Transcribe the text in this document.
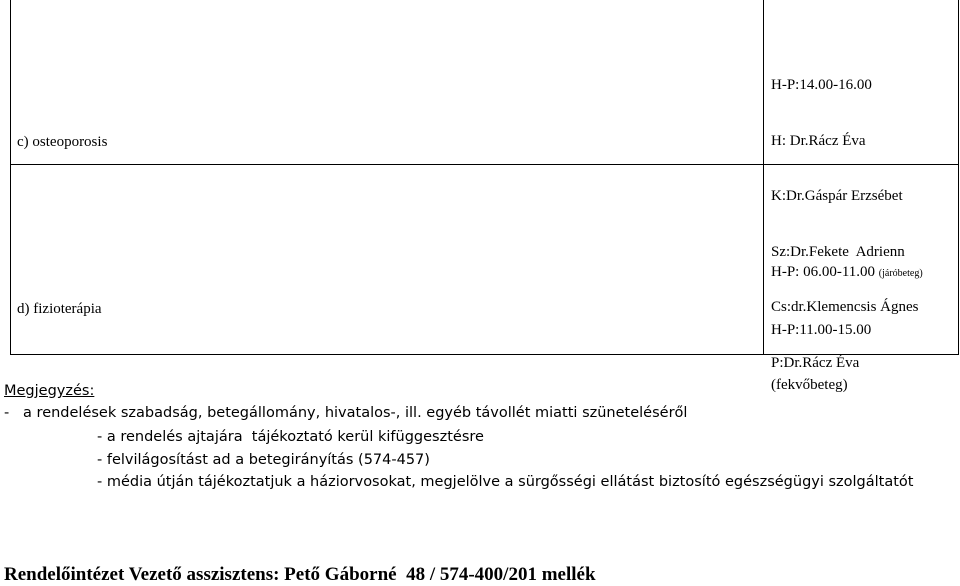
c) osteoporosis

H-P:14.00-16.00

H: Dr.Rácz Éva

K:Dr.Gáspár Erzsébet

Sz:Dr.Fekete  Adrienn

Cs:dr.Klemencsis Ágnes

P:Dr.Rácz Éva

d) fizioterápia

H-P: 06.00-11.00 (járóbeteg)

H-P:11.00-15.00

(fekvőbeteg)

Megjegyzés:
-   a rendelések szabadság, betegállomány, hivatalos-, ill. egyéb távollét miatti szüneteléséről
- a rendelés ajtajára  tájékoztató kerül kifüggesztésre
- felvilágosítást ad a betegirányítás (574-457)
- média útján tájékoztatjuk a háziorvosokat, megjelölve a sürgősségi ellátást biztosító egészségügyi szolgáltatót
Rendelőintézet Vezető asszisztens: Pető Gáborné  48 / 574-400/201 mellék
